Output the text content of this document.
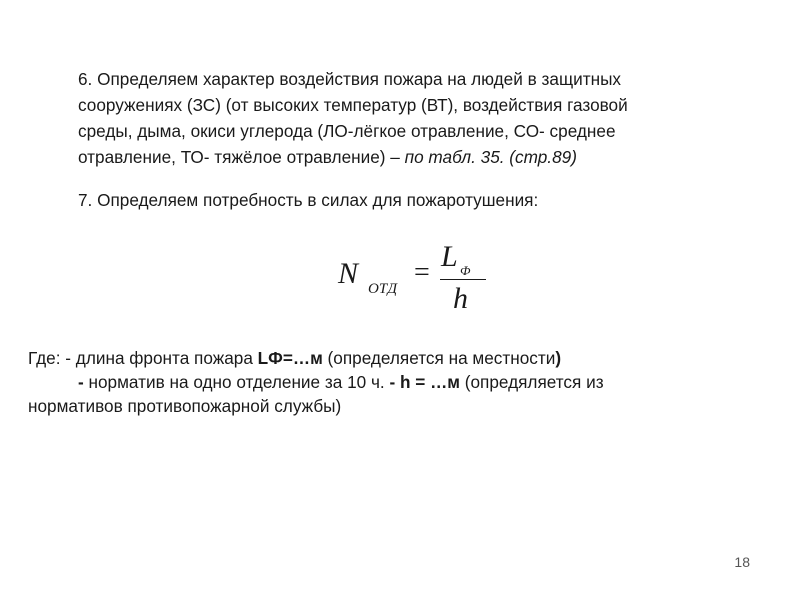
6. Определяем характер воздействия пожара на людей в защитных
сооружениях (ЗС) (от высоких температур (ВТ), воздействия газовой
среды, дыма, окиси углерода (ЛО-лёгкое отравление, СО- среднее
отравление, ТО- тяжёлое отравление) – по табл. 35. (стр.89)
7. Определяем потребность в силах для пожаротушения:
N ОТД
= L Ф
h
Где: - длина фронта пожара LФ=…м (определяется на местности)
- норматив на одно отделение за 10 ч. - h = …м (опредяляется из
нормативов противопожарной службы)
18
